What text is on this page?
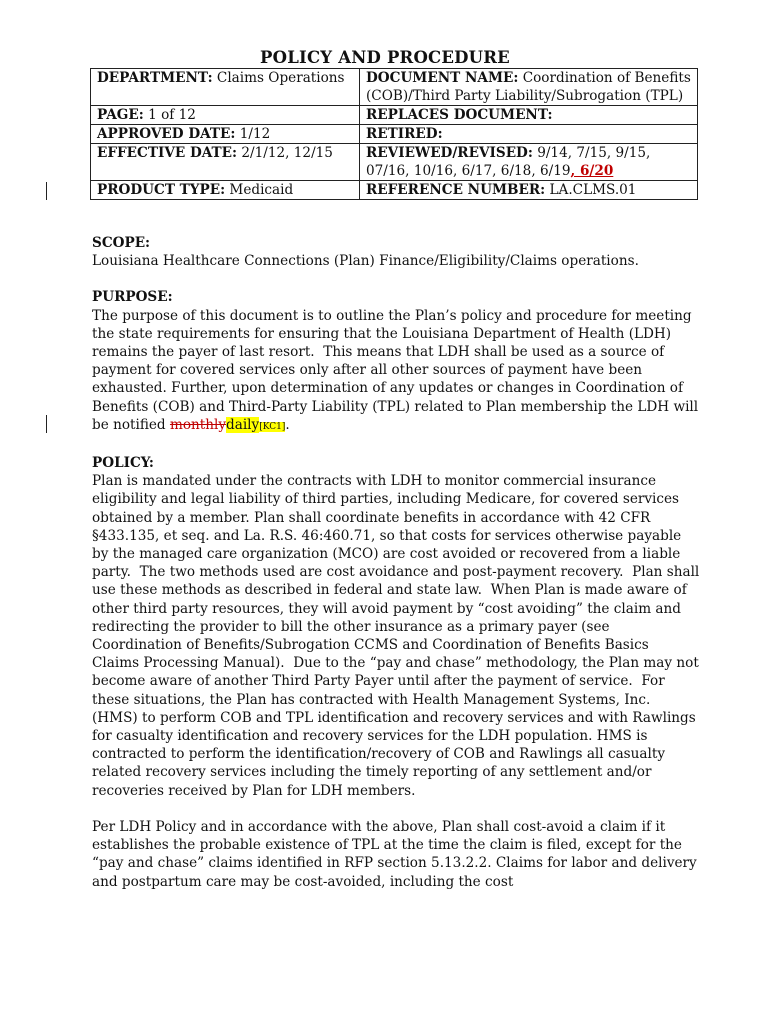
POLICY AND PROCEDURE
DEPARTMENT: Claims Operations	DOCUMENT NAME: Coordination of Benefits (COB)/Third Party Liability/Subrogation (TPL)
PAGE: 1 of 12	REPLACES DOCUMENT:
APPROVED DATE: 1/12	RETIRED:
EFFECTIVE DATE: 2/1/12, 12/15	REVIEWED/REVISED: 9/14, 7/15, 9/15, 07/16, 10/16, 6/17, 6/18, 6/19, 6/20
PRODUCT TYPE: Medicaid	REFERENCE NUMBER: LA.CLMS.01

SCOPE:

Louisiana Healthcare Connections (Plan) Finance/Eligibility/Claims operations.

PURPOSE:

The purpose of this document is to outline the Plan’s policy and procedure for meeting the state requirements for ensuring that the Louisiana Department of Health (LDH) remains the payer of last resort.  This means that LDH shall be used as a source of payment for covered services only after all other sources of payment have been exhausted. Further, upon determination of any updates or changes in Coordination of Benefits (COB) and Third-Party Liability (TPL) related to Plan membership the LDH will be notified monthlydaily[KC1].

POLICY:

Plan is mandated under the contracts with LDH to monitor commercial insurance eligibility and legal liability of third parties, including Medicare, for covered services obtained by a member. Plan shall coordinate benefits in accordance with 42 CFR §433.135, et seq. and La. R.S. 46:460.71, so that costs for services otherwise payable by the managed care organization (MCO) are cost avoided or recovered from a liable party.  The two methods used are cost avoidance and post-payment recovery.  Plan shall use these methods as described in federal and state law.  When Plan is made aware of other third party resources, they will avoid payment by “cost avoiding” the claim and redirecting the provider to bill the other insurance as a primary payer (see Coordination of Benefits/Subrogation CCMS and Coordination of Benefits Basics Claims Processing Manual).  Due to the “pay and chase” methodology, the Plan may not become aware of another Third Party Payer until after the payment of service.  For these situations, the Plan has contracted with Health Management Systems, Inc. (HMS) to perform COB and TPL identification and recovery services and with Rawlings for casualty identification and recovery services for the LDH population. HMS is contracted to perform the identification/recovery of COB and Rawlings all casualty related recovery services including the timely reporting of any settlement and/or recoveries received by Plan for LDH members.

Per LDH Policy and in accordance with the above, Plan shall cost-avoid a claim if it establishes the probable existence of TPL at the time the claim is filed, except for the “pay and chase” claims identified in RFP section 5.13.2.2. Claims for labor and delivery and postpartum care may be cost-avoided, including the cost
